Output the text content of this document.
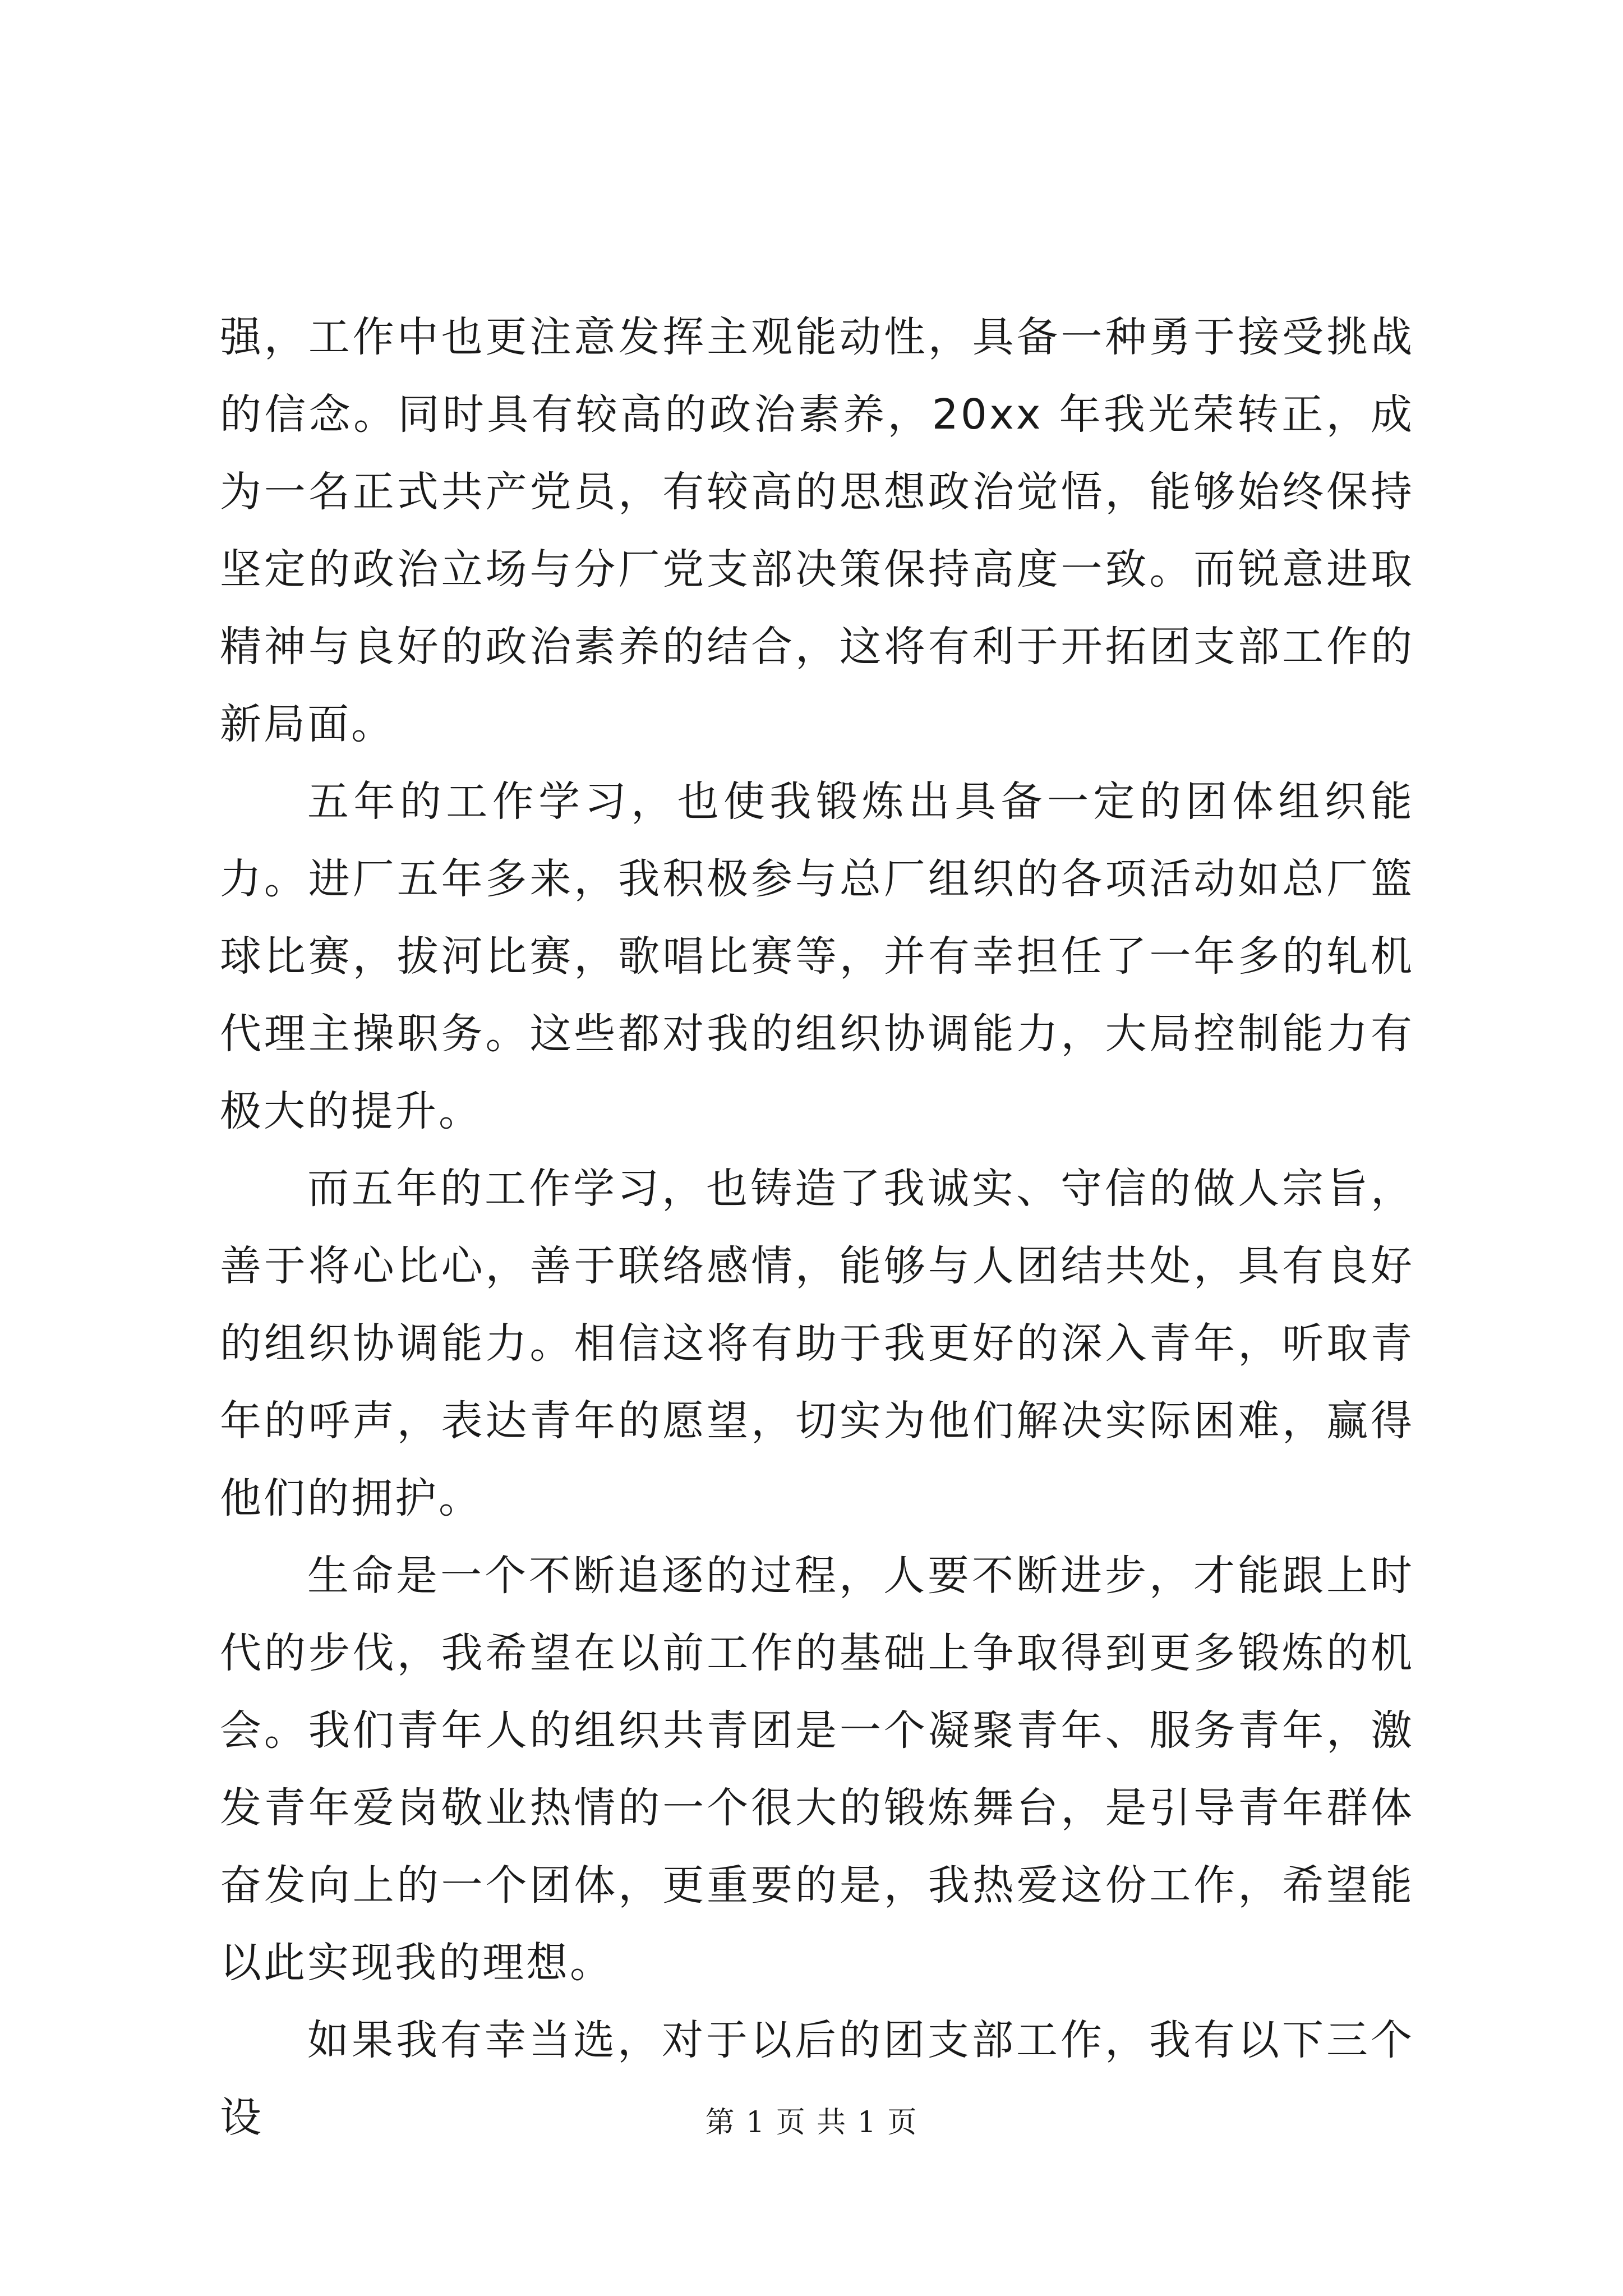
强，工作中也更注意发挥主观能动性，具备一种勇于接受挑战的信念。同时具有较高的政治素养，20xx 年我光荣转正，成为一名正式共产党员，有较高的思想政治觉悟，能够始终保持坚定的政治立场与分厂党支部决策保持高度一致。而锐意进取精神与良好的政治素养的结合，这将有利于开拓团支部工作的新局面。

五年的工作学习，也使我锻炼出具备一定的团体组织能力。进厂五年多来，我积极参与总厂组织的各项活动如总厂篮球比赛，拔河比赛，歌唱比赛等，并有幸担任了一年多的轧机代理主操职务。这些都对我的组织协调能力，大局控制能力有极大的提升。

而五年的工作学习，也铸造了我诚实、守信的做人宗旨，善于将心比心，善于联络感情，能够与人团结共处，具有良好的组织协调能力。相信这将有助于我更好的深入青年，听取青年的呼声，表达青年的愿望，切实为他们解决实际困难，赢得他们的拥护。

生命是一个不断追逐的过程，人要不断进步，才能跟上时代的步伐，我希望在以前工作的基础上争取得到更多锻炼的机会。我们青年人的组织共青团是一个凝聚青年、服务青年，激发青年爱岗敬业热情的一个很大的锻炼舞台，是引导青年群体奋发向上的一个团体，更重要的是，我热爱这份工作，希望能以此实现我的理想。

如果我有幸当选，对于以后的团支部工作，我有以下三个设	第 1 页 共 1 页
